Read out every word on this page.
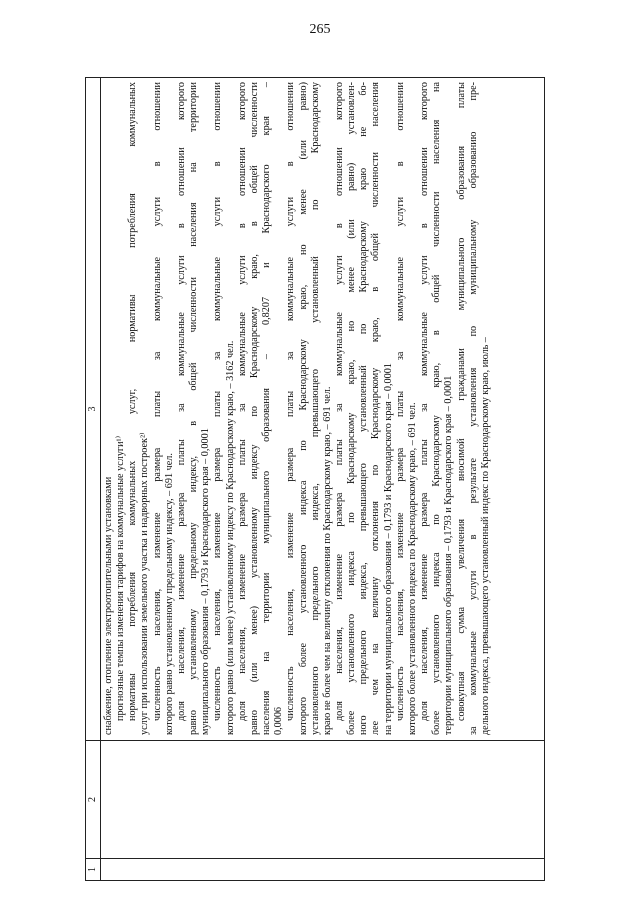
265
1
2
3
снабжение, отопление электроотопительными установками прогнозные темпы изменения тарифов на коммунальные услуги¹⁾ нормативы потребления коммунальных услуг, нормативы потребления коммунальных услуг при использовании земельного участка и надворных построек²⁾ численность населения, изменение размера платы за коммунальные услуги в отношении которого равно установленному предельному индексу, – 691 чел. доля населения, изменение размера платы за коммунальные услуги в отношении которого равно установленному предельному индексу, в общей численности населения на территории муниципального образования – 0,1793 и Краснодарского края – 0,0001 численность населения, изменение размера платы за коммунальные услуги в отношении которого равно (или менее) установленному индексу по Краснодарскому краю, – 3162 чел. доля населения, изменение размера платы за коммунальные услуги в отношении которого равно (или менее) установленному индексу по Краснодарскому краю, в общей численности населения на территории муниципального образования – 0,8207 и Краснодарского края – 0,0006 численность населения, изменение размера платы за коммунальные услуги в отношении которого более установленного индекса по Краснодарскому краю, но менее (или равно) установленного предельного индекса, превышающего установленный по Краснодарскому краю не более чем на величину отклонения по Краснодарскому краю, – 691 чел. доля населения, изменение размера платы за коммунальные услуги в отношении которого более установленного индекса по Краснодарскому краю, но менее (или равно) установлен- ного предельного индекса, превышающего установленный по Краснодарскому краю не бо- лее чем на величину отклонения по Краснодарскому краю, в общей численности населения на территории муниципального образования – 0,1793 и Краснодарского края – 0,0001 численность населения, изменение размера платы за коммунальные услуги в отношении которого более установленного индекса по Краснодарскому краю, – 691 чел. доля населения, изменение размера платы за коммунальные услуги в отношении которого более установленного индекса по Краснодарскому краю, в общей численности населения на территории муниципального образования – 0,1793 и Краснодарского края – 0,0001 совокупная сумма увеличения вносимой гражданами муниципального образования платы за коммунальные услуги в результате установления по муниципальному образованию пре- дельного индекса, превышающего установленный индекс по Краснодарскому краю, июль –
